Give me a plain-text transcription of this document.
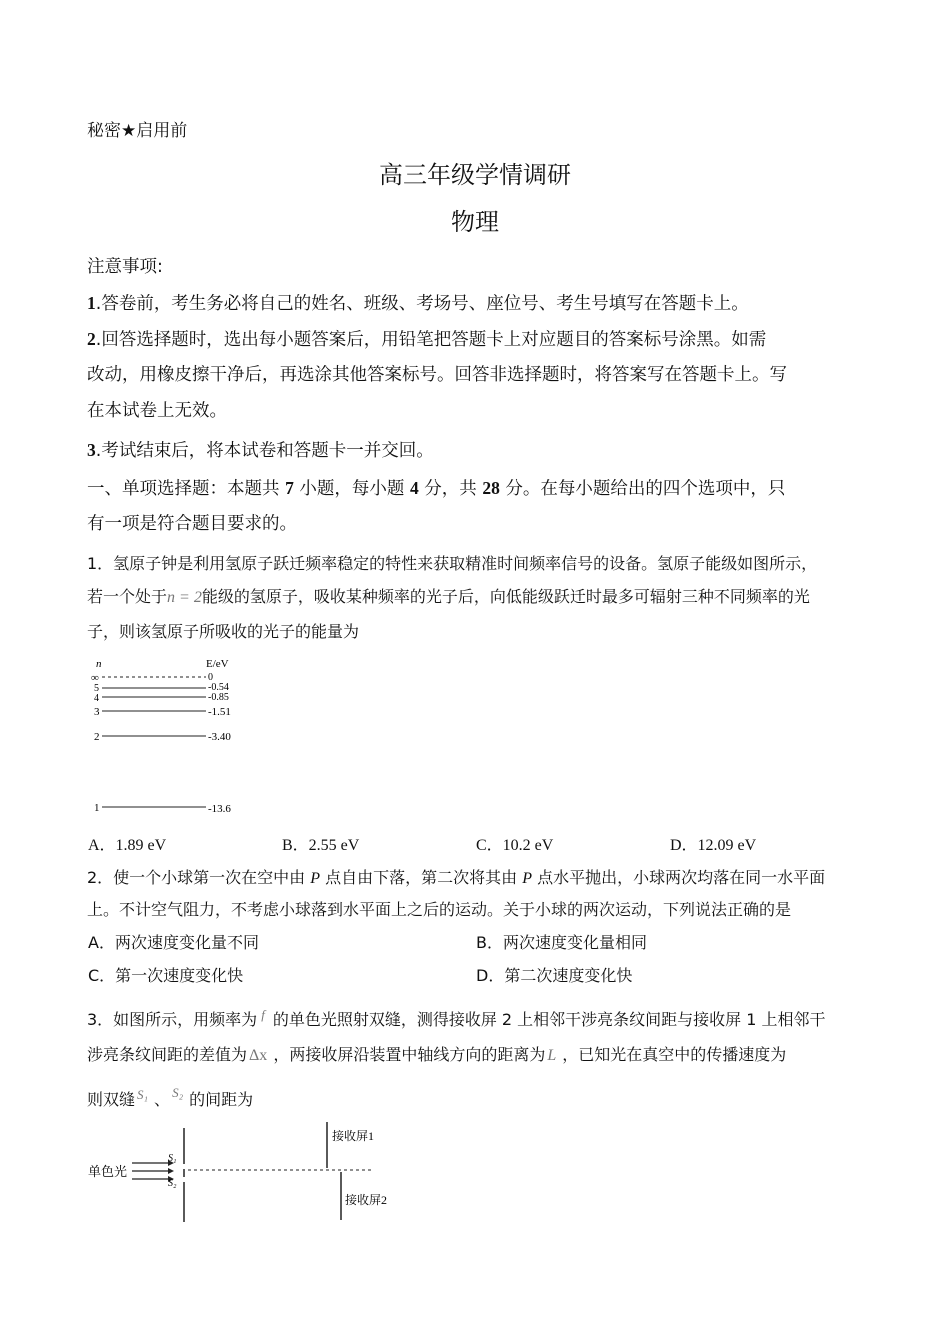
秘密★启用前
高三年级学情调研
物理
注意事项:
1.答卷前，考生务必将自己的姓名、班级、考场号、座位号、考生号填写在答题卡上。
2.回答选择题时，选出每小题答案后，用铅笔把答题卡上对应题目的答案标号涂黑。如需
改动，用橡皮擦干净后，再选涂其他答案标号。回答非选择题时，将答案写在答题卡上。写
在本试卷上无效。
3.考试结束后，将本试卷和答题卡一并交回。
一、单项选择题：本题共 7 小题，每小题 4 分，共 28 分。在每小题给出的四个选项中，只
有一项是符合题目要求的。
1．氢原子钟是利用氢原子跃迁频率稳定的特性来获取精准时间频率信号的设备。氢原子能级如图所示，
若一个处于n = 2能级的氢原子，吸收某种频率的光子后，向低能级跃迁时最多可辐射三种不同频率的光
子，则该氢原子所吸收的光子的能量为
n	E/eV
∞
5
4
3
2
1
0
-0.54
-0.85
-1.51
-3.40
-13.6
A．1.89 eV	B．2.55 eV	C．10.2 eV	D．12.09 eV
2．使一个小球第一次在空中由 P 点自由下落，第二次将其由 P 点水平抛出，小球两次均落在同一水平面
上。不计空气阻力，不考虑小球落到水平面上之后的运动。关于小球的两次运动，下列说法正确的是
A．两次速度变化量不同	B．两次速度变化量相同
C．第一次速度变化快	D．第二次速度变化快
3．如图所示，用频率为 $^f$ 的单色光照射双缝，测得接收屏 2 上相邻干涉亮条纹间距与接收屏 1 上相邻干
涉亮条纹间距的差值为 Δx ，两接收屏沿装置中轴线方向的距离为 L ，已知光在真空中的传播速度为
则双缝 $^{S_1}$ 、 $^{S_2}$ 的间距为
单色光
S₁
S₂
接收屏1
接收屏2
